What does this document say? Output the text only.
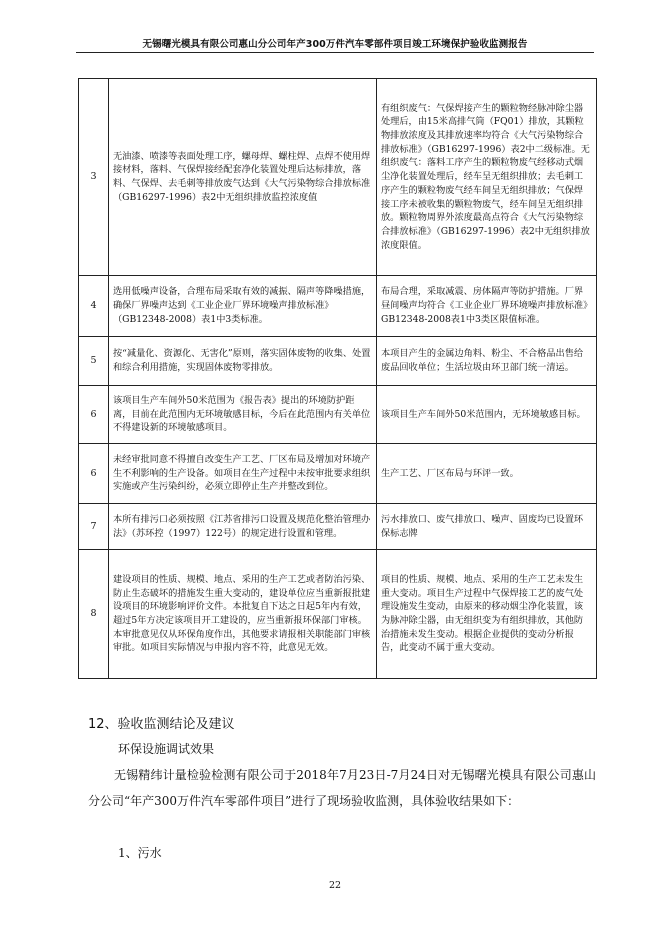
无锡曙光模具有限公司惠山分公司年产300万件汽车零部件项目竣工环境保护验收监测报告
3	无油漆、喷漆等表面处理工序，螺母焊、螺柱焊、点焊不使用焊接材料，落料、气保焊接经配套净化装置处理后达标排放，落料、气保焊、去毛刺等排放废气达到《大气污染物综合排放标准（GB16297-1996）表2中无组织排放监控浓度值	有组织废气：气保焊接产生的颗粒物经脉冲除尘器处理后，由15米高排气筒（FQ01）排放，其颗粒物排放浓度及其排放速率均符合《大气污染物综合排放标准》（GB16297-1996）表2中二级标准。无组织废气：落料工序产生的颗粒物废气经移动式烟尘净化装置处理后，经车呈无组织排放；去毛刺工序产生的颗粒物废气经车间呈无组织排放；气保焊接工序未被收集的颗粒物废气，经车间呈无组织排放。颗粒物周界外浓度最高点符合《大气污染物综合排放标准》（GB16297-1996）表2中无组织排放浓度限值。
4	选用低噪声设备，合理布局采取有效的减振、隔声等降噪措施，确保厂界噪声达到《工业企业厂界环境噪声排放标准》（GB12348-2008）表1中3类标准。	布局合理，采取减震、房体隔声等防护措施。厂界昼间噪声均符合《工业企业厂界环境噪声排放标准》GB12348-2008表1中3类区限值标准。
5	按“减量化、资源化、无害化”原则，落实固体废物的收集、处置和综合利用措施，实现固体废物零排放。	本项目产生的金属边角料、粉尘、不合格品出售给废品回收单位；生活垃圾由环卫部门统一清运。
6	该项目生产车间外50米范围为《报告表》提出的环境防护距离，目前在此范围内无环境敏感目标，今后在此范围内有关单位不得建设新的环境敏感项目。	该项目生产车间外50米范围内，无环境敏感目标。
6	未经审批同意不得擅自改变生产工艺、厂区布局及增加对环境产生不利影响的生产设备。如项目在生产过程中未按审批要求组织实施或产生污染纠纷，必须立即停止生产并整改到位。	生产工艺、厂区布局与环评一致。
7	本所有排污口必须按照《江苏省排污口设置及规范化整治管理办法》（苏环控（1997）122号）的规定进行设置和管理。	污水排放口、废气排放口、噪声、固废均已设置环保标志牌
8	建设项目的性质、规模、地点、采用的生产工艺或者防治污染、防止生态破坏的措施发生重大变动的，建设单位应当重新报批建设项目的环境影响评价文件。本批复自下达之日起5年内有效，超过5年方决定该项目开工建设的，应当重新报环保部门审核。本审批意见仅从环保角度作出，其他要求请报相关职能部门审核审批。如项目实际情况与申报内容不符，此意见无效。	项目的性质、规模、地点、采用的生产工艺未发生重大变动。项目生产过程中气保焊接工艺的废气处理设施发生变动，由原来的移动烟尘净化装置，该为脉冲除尘器，由无组织变为有组织排放，其他防治措施未发生变动。根据企业提供的变动分析报告，此变动不属于重大变动。
12、验收监测结论及建议
环保设施调试效果
无锡精纬计量检验检测有限公司于2018年7月23日-7月24日对无锡曙光模具有限公司惠山分公司“年产300万件汽车零部件项目”进行了现场验收监测，具体验收结果如下：
1、污水
22
